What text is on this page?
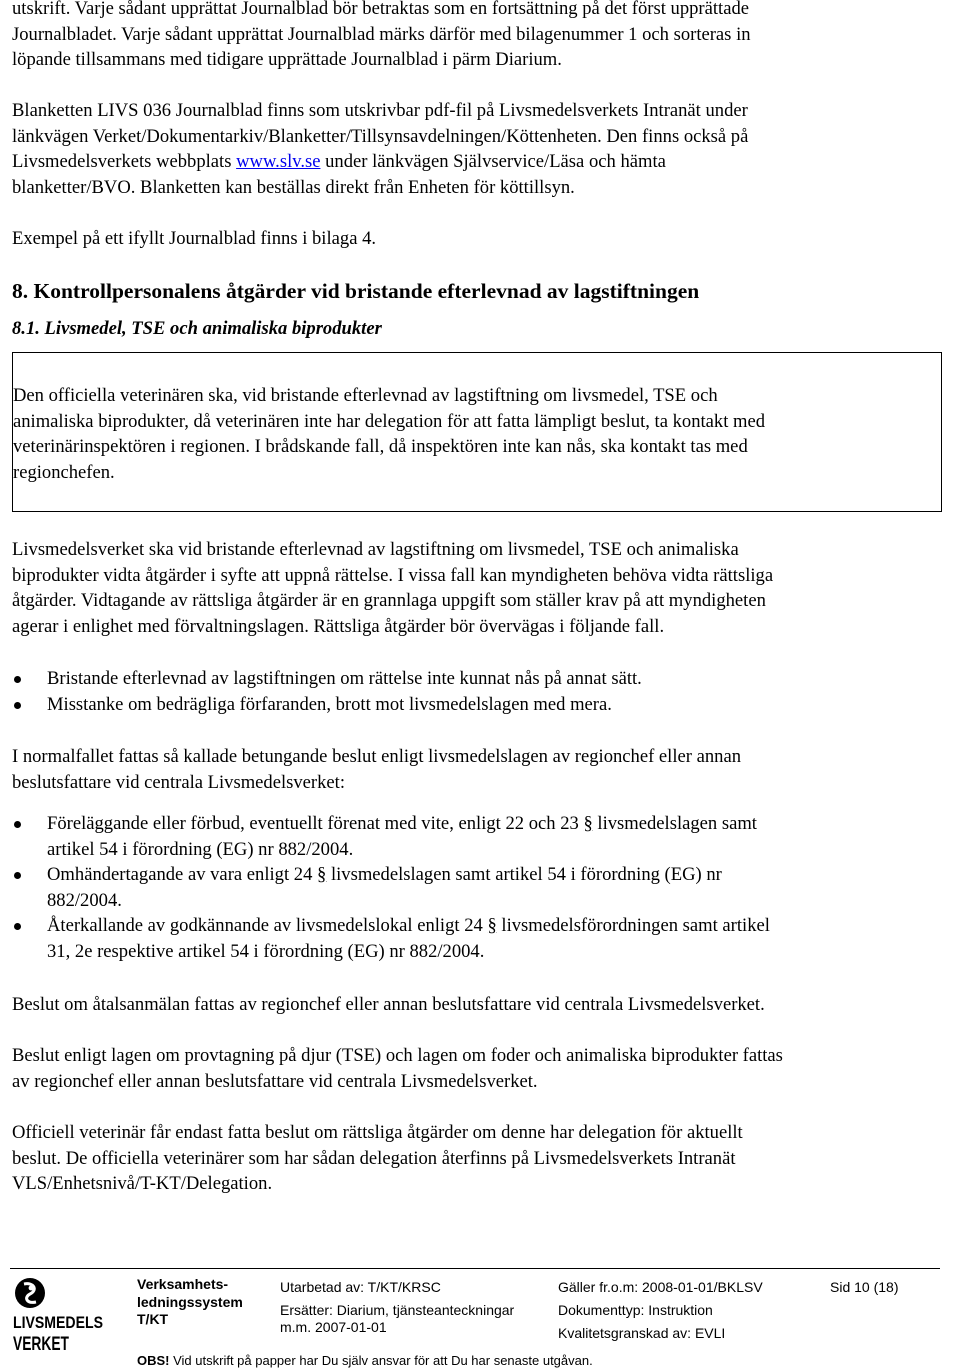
utskrift. Varje sådant upprättat Journalblad bör betraktas som en fortsättning på det först upprättade

Journalbladet. Varje sådant upprättat Journalblad märks därför med bilagenummer 1 och sorteras in

löpande tillsammans med tidigare upprättade Journalblad i pärm Diarium.

Blanketten LIVS 036 Journalblad finns som utskrivbar pdf-fil på Livsmedelsverkets Intranät under

länkvägen Verket/Dokumentarkiv/Blanketter/Tillsynsavdelningen/Köttenheten. Den finns också på

Livsmedelsverkets webbplats www.slv.se under länkvägen Självservice/Läsa och hämta

blanketter/BVO. Blanketten kan beställas direkt från Enheten för köttillsyn.

Exempel på ett ifyllt Journalblad finns i bilaga 4.

8. Kontrollpersonalens åtgärder vid bristande efterlevnad av lagstiftningen

8.1. Livsmedel, TSE och animaliska biprodukter

Den officiella veterinären ska, vid bristande efterlevnad av lagstiftning om livsmedel, TSE och
animaliska biprodukter, då veterinären inte har delegation för att fatta lämpligt beslut, ta kontakt med
veterinärinspektören i regionen. I brådskande fall, då inspektören inte kan nås, ska kontakt tas med
regionchefen.

Livsmedelsverket ska vid bristande efterlevnad av lagstiftning om livsmedel, TSE och animaliska

biprodukter vidta åtgärder i syfte att uppnå rättelse. I vissa fall kan myndigheten behöva vidta rättsliga

åtgärder. Vidtagande av rättsliga åtgärder är en grannlaga uppgift som ställer krav på att myndigheten

agerar i enlighet med förvaltningslagen. Rättsliga åtgärder bör övervägas i följande fall.

Bristande efterlevnad av lagstiftningen om rättelse inte kunnat nås på annat sätt.
Misstanke om bedrägliga förfaranden, brott mot livsmedelslagen med mera.

I normalfallet fattas så kallade betungande beslut enligt livsmedelslagen av regionchef eller annan

beslutsfattare vid centrala Livsmedelsverket:

Föreläggande eller förbud, eventuellt förenat med vite, enligt 22 och 23 § livsmedelslagen samt
artikel 54 i förordning (EG) nr 882/2004.
Omhändertagande av vara enligt 24 § livsmedelslagen samt artikel 54 i förordning (EG) nr
882/2004.
Återkallande av godkännande av livsmedelslokal enligt 24 § livsmedelsförordningen samt artikel
31, 2e respektive artikel 54 i förordning (EG) nr 882/2004.

Beslut om åtalsanmälan fattas av regionchef eller annan beslutsfattare vid centrala Livsmedelsverket.

Beslut enligt lagen om provtagning på djur (TSE) och lagen om foder och animaliska biprodukter fattas

av regionchef eller annan beslutsfattare vid centrala Livsmedelsverket.

Officiell veterinär får endast fatta beslut om rättsliga åtgärder om denne har delegation för aktuellt

beslut. De officiella veterinärer som har sådan delegation återfinns på Livsmedelsverkets Intranät

VLS/Enhetsnivå/T-KT/Delegation.

LIVSMEDELS
VERKET
Verksamhets-
ledningssystem
T/KT
Utarbetad av: T/KT/KRSC
Ersätter: Diarium, tjänsteanteckningar
m.m. 2007-01-01
Gäller fr.o.m: 2008-01-01/BKLSV
Dokumenttyp: Instruktion
Kvalitetsgranskad av: EVLI
Sid 10 (18)
OBS! Vid utskrift på papper har Du själv ansvar för att Du har senaste utgåvan.
